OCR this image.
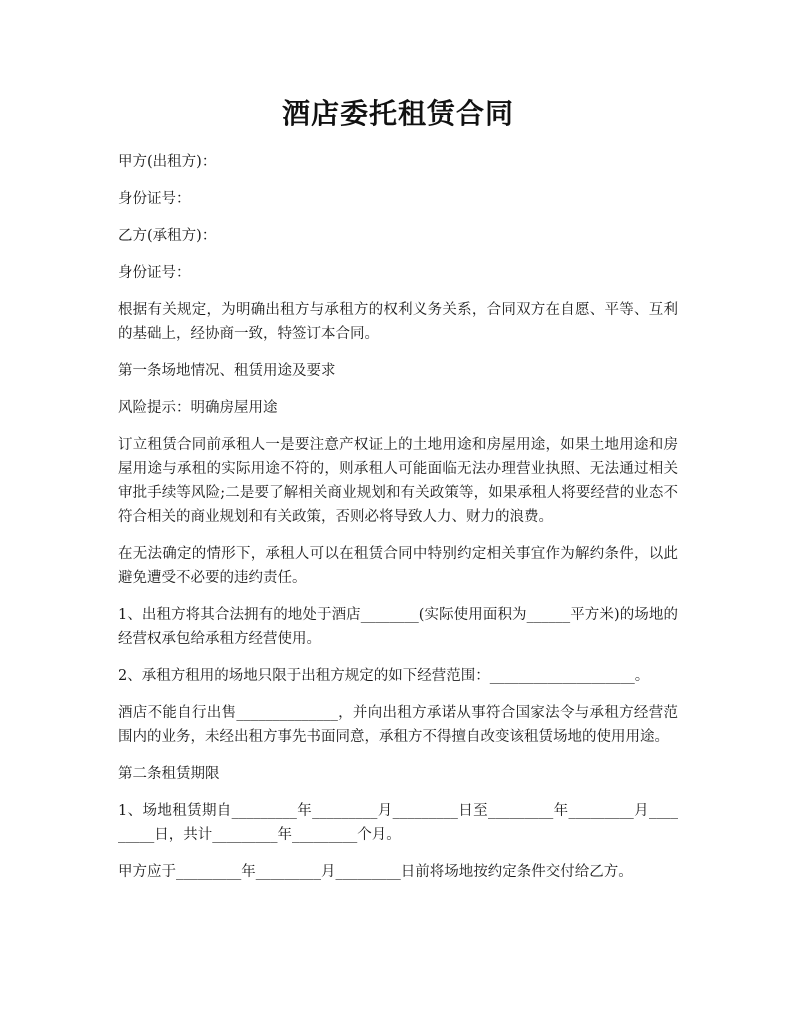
酒店委托租赁合同

甲方(出租方)：

身份证号：

乙方(承租方)：

身份证号：

根据有关规定，为明确出租方与承租方的权利义务关系，合同双方在自愿、平等、互利的基础上，经协商一致，特签订本合同。

第一条场地情况、租赁用途及要求

风险提示：明确房屋用途

订立租赁合同前承租人一是要注意产权证上的土地用途和房屋用途，如果土地用途和房屋用途与承租的实际用途不符的，则承租人可能面临无法办理营业执照、无法通过相关审批手续等风险;二是要了解相关商业规划和有关政策等，如果承租人将要经营的业态不符合相关的商业规划和有关政策，否则必将导致人力、财力的浪费。

在无法确定的情形下，承租人可以在租赁合同中特别约定相关事宜作为解约条件，以此避免遭受不必要的违约责任。

1、出租方将其合法拥有的地处于酒店________(实际使用面积为______平方米)的场地的经营权承包给承租方经营使用。

2、承租方租用的场地只限于出租方规定的如下经营范围：____________________。

酒店不能自行出售______________，并向出租方承诺从事符合国家法令与承租方经营范围内的业务，未经出租方事先书面同意，承租方不得擅自改变该租赁场地的使用用途。

第二条租赁期限

1、场地租赁期自_________年_________月_________日至_________年_________月_________日，共计_________年_________个月。

甲方应于_________年_________月_________日前将场地按约定条件交付给乙方。
